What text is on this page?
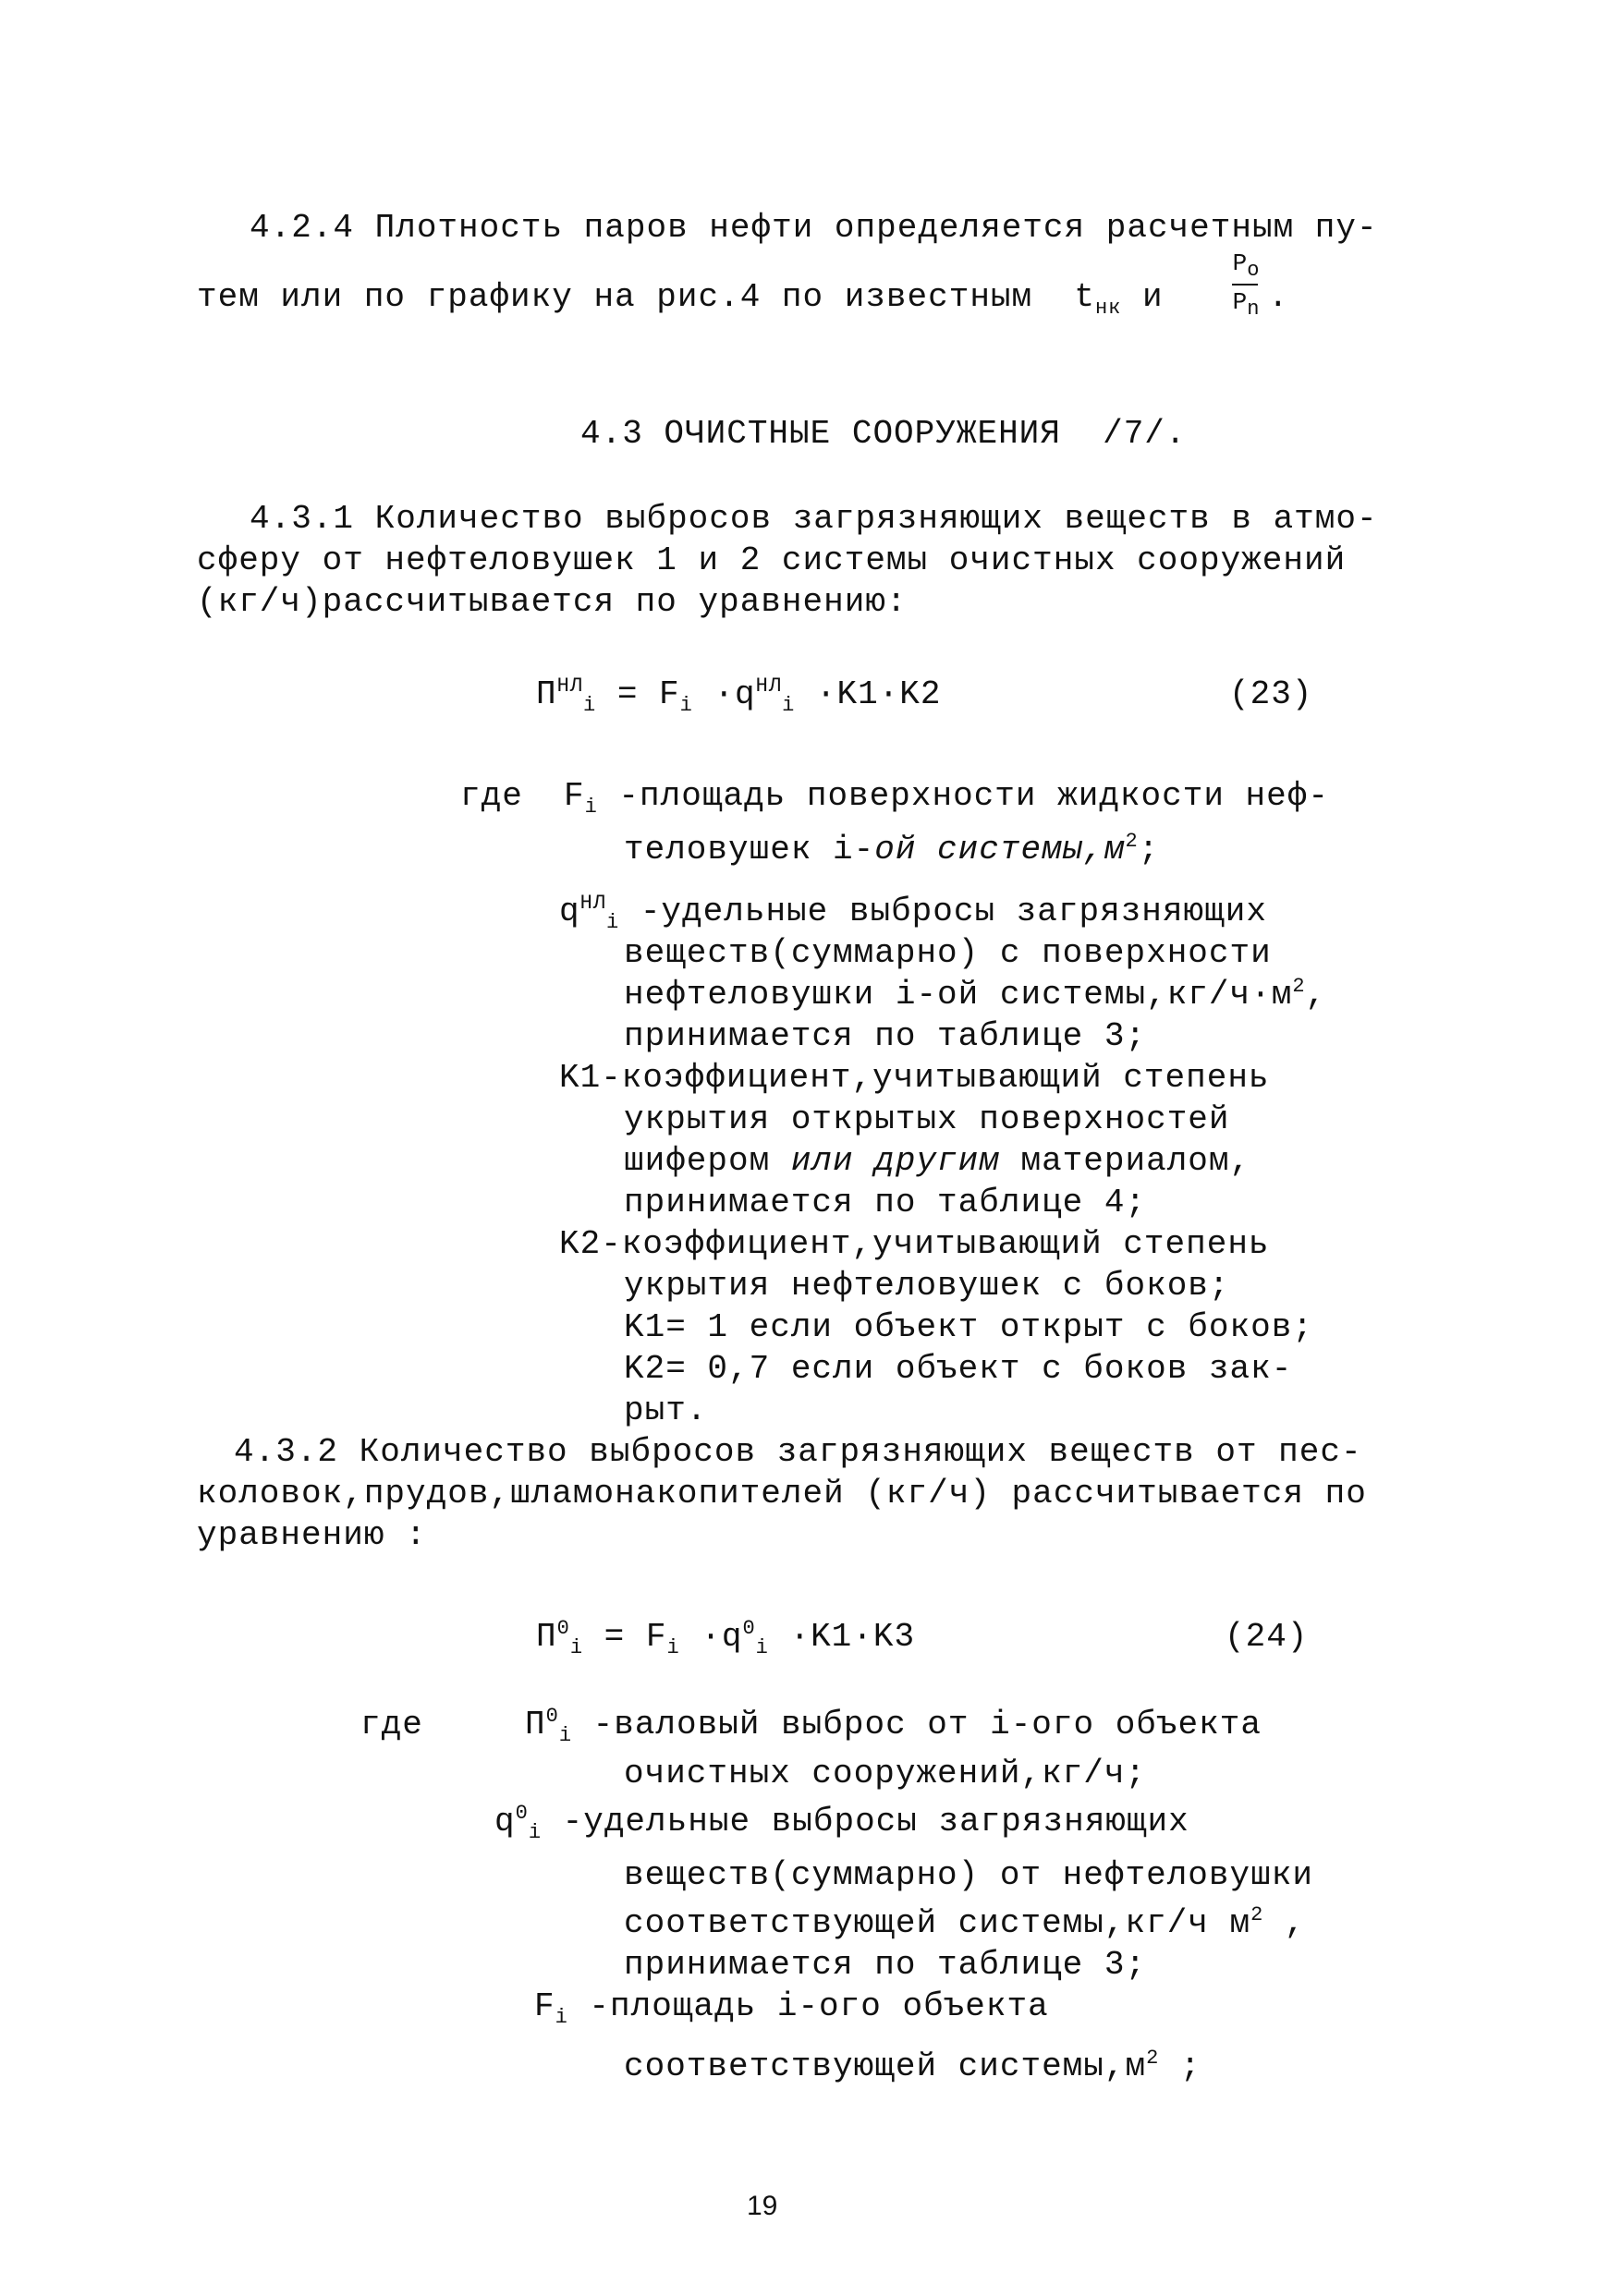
4.2.4 Плотность паров нефти определяется расчетным пу-
тем или по графику на рис.4 по известным $t_{нк}$ и
$P_o$
$P_n$ .
4.3 ОЧИСТНЫЕ СООРУЖЕНИЯ  /7/.
4.3.1 Количество выбросов загрязняющих веществ в атмо-
сферу от нефтеловушек 1 и 2 системы очистных сооружений
(кг/ч)рассчитывается по уравнению:
$П^{НЛ}_i = F_i \cdot q^{НЛ}_i \cdot K1\cdot K2$	(23)
где $F_i$ -площадь поверхности жидкости неф-
теловушек i-ой $системы,м^2$;
$q^{НЛ}_i$ -удельные выбросы загрязняющих
веществ(суммарно) с поверхности
нефтеловушки i-ой $системы,кг/ч\cdot м^2$,
принимается по таблице 3;
K1-коэффициент,учитывающий степень
укрытия открытых поверхностей
шифером или другим материалом,
принимается по таблице 4;
K2-коэффициент,учитывающий степень
укрытия нефтеловушек с боков;
K1= 1 если объект открыт с боков;
K2= 0,7 если объект с боков зак-
рыт.
4.3.2 Количество выбросов загрязняющих веществ от пес-
коловок,прудов,шламонакопителей (кг/ч) рассчитывается по
уравнению :
$П^0_i = F_i \cdot q^0_i \cdot K1\cdot K3$	(24)
где	$П^0_i$ -валовый выброс от i-ого объекта
очистных сооружений,кг/ч;
$q^0_i$ -удельные выбросы загрязняющих
веществ(суммарно) от нефтеловушки
соответствующей системы,кг/ч $м^2$ ,
принимается по таблице 3;
$F_i$ -площадь i-ого объекта
соответствующей $системы,м^2$ ;
19
